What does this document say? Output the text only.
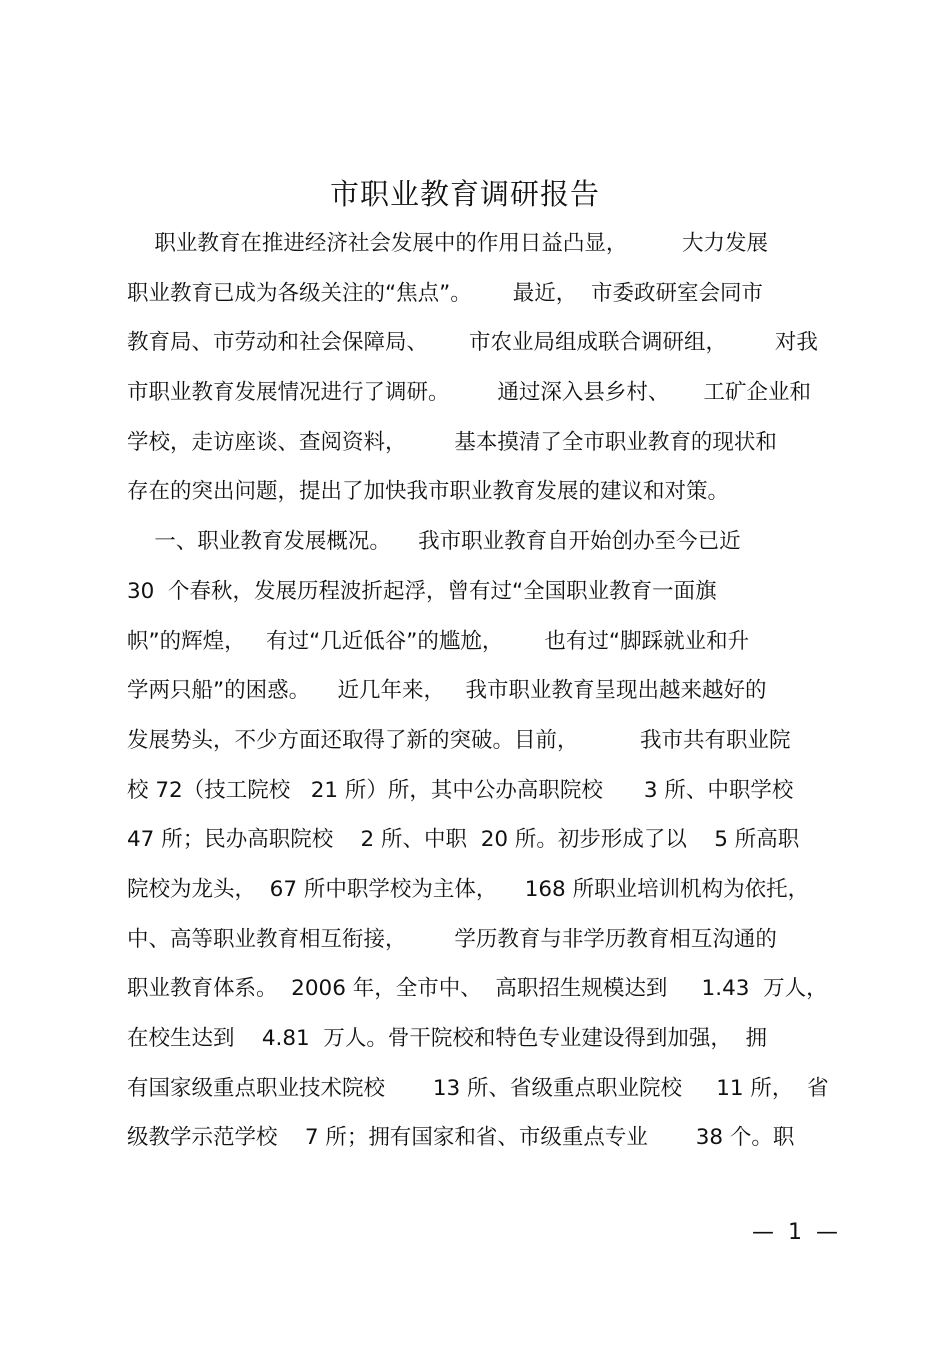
市职业教育调研报告
职业教育在推进经济社会发展中的作用日益凸显，        大力发展
职业教育已成为各级关注的“焦点”。      最近，  市委政研室会同市
教育局、市劳动和社会保障局、      市农业局组成联合调研组，       对我
市职业教育发展情况进行了调研。       通过深入县乡村、     工矿企业和
学校，走访座谈、查阅资料，       基本摸清了全市职业教育的现状和
存在的突出问题，提出了加快我市职业教育发展的建议和对策。
一、职业教育发展概况。    我市职业教育自开始创办至今已近
30  个春秋，发展历程波折起浮，曾有过“全国职业教育一面旗
帜”的辉煌，   有过“几近低谷”的尴尬，      也有过“脚踩就业和升
学两只船”的困惑。    近几年来，   我市职业教育呈现出越来越好的
发展势头，不少方面还取得了新的突破。目前，         我市共有职业院
校 72（技工院校   21 所）所，其中公办高职院校      3 所、中职学校
47 所；民办高职院校    2 所、中职  20 所。初步形成了以    5 所高职
院校为龙头，  67 所中职学校为主体，    168 所职业培训机构为依托，
中、高等职业教育相互衔接，       学历教育与非学历教育相互沟通的
职业教育体系。  2006 年，全市中、  高职招生规模达到     1.43  万人，
在校生达到    4.81  万人。骨干院校和特色专业建设得到加强，  拥
有国家级重点职业技术院校       13 所、省级重点职业院校     11 所，  省
级教学示范学校    7 所；拥有国家和省、市级重点专业       38 个。职
—  1  —
